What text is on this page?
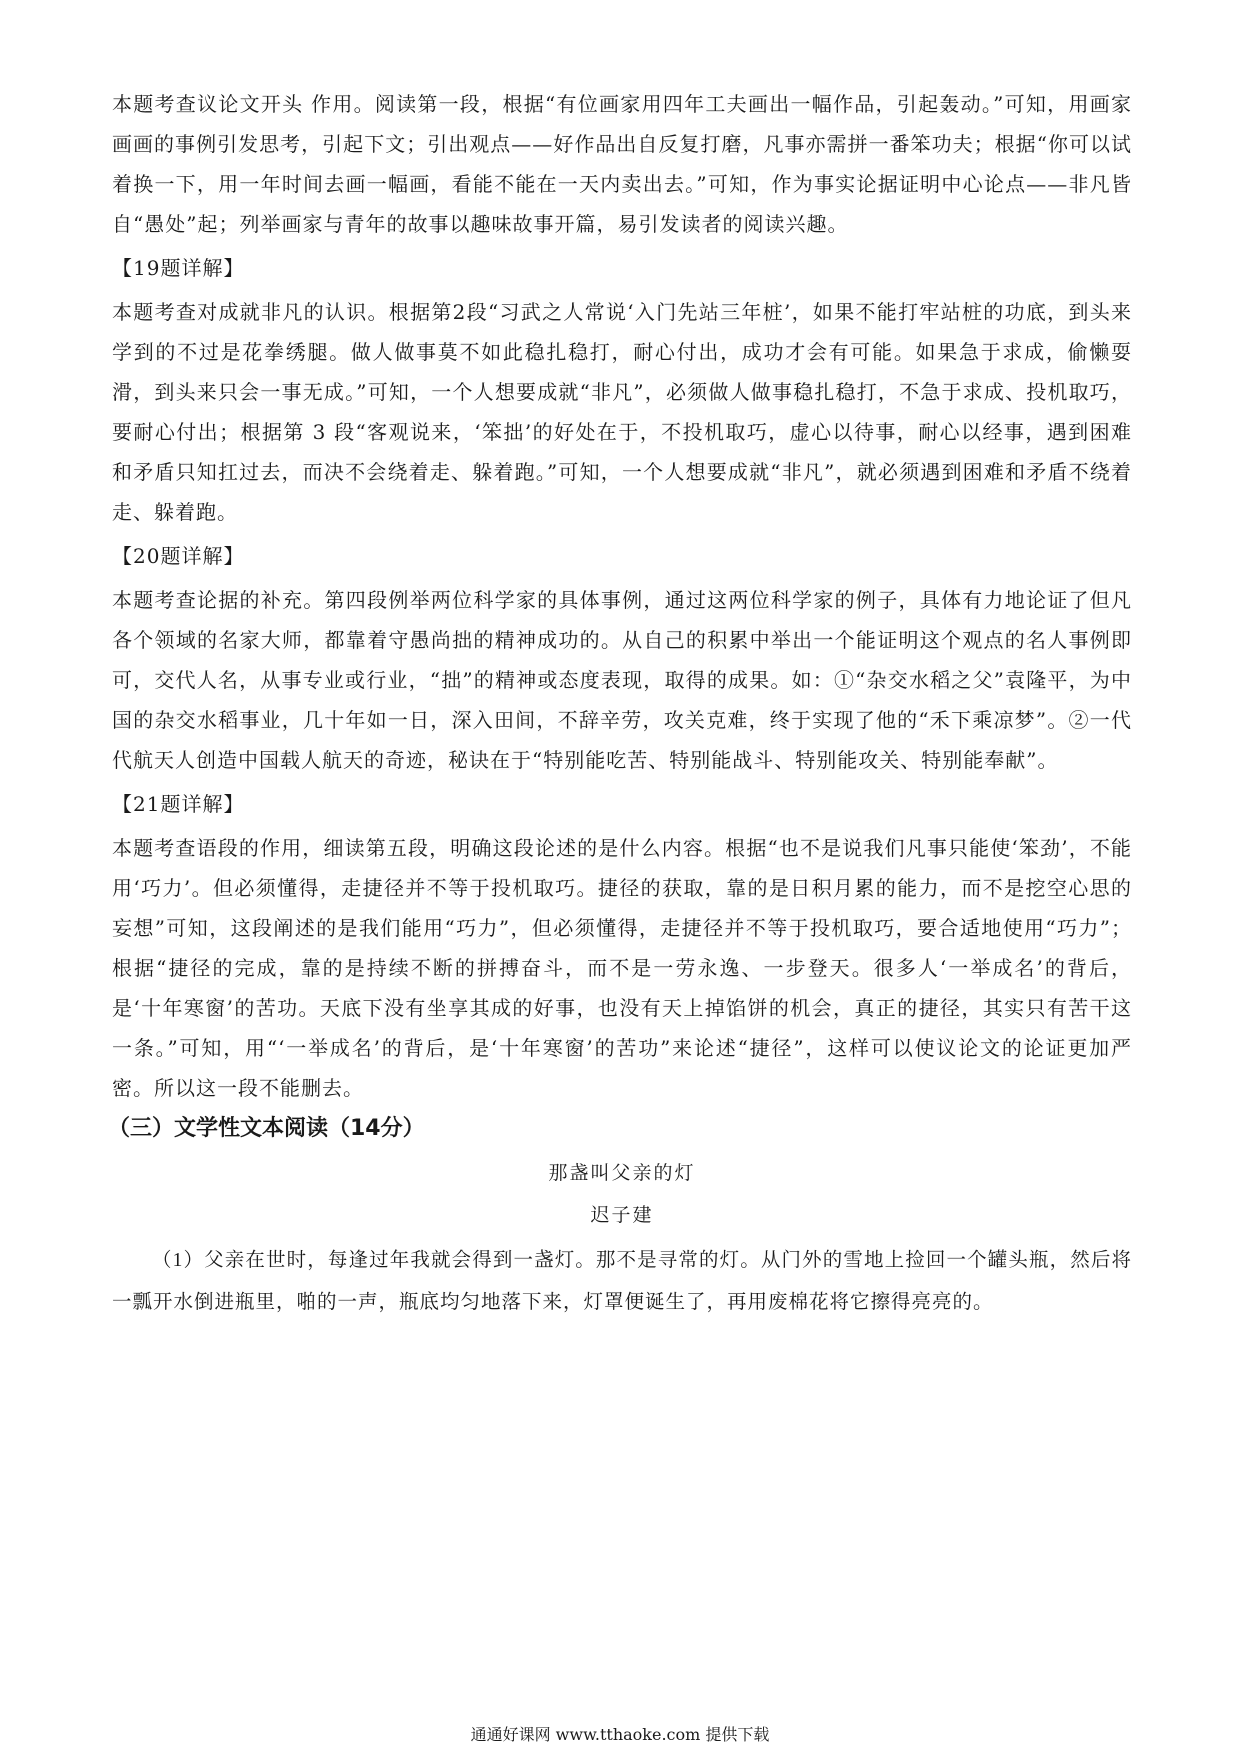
本题考查议论文开头 作用。阅读第一段，根据“有位画家用四年工夫画出一幅作品，引起轰动。”可知，用画家画画的事例引发思考，引起下文；引出观点——好作品出自反复打磨，凡事亦需拼一番笨功夫；根据“你可以试着换一下，用一年时间去画一幅画，看能不能在一天内卖出去。”可知，作为事实论据证明中心论点——非凡皆自“愚处”起；列举画家与青年的故事以趣味故事开篇，易引发读者的阅读兴趣。

【19题详解】

本题考查对成就非凡的认识。根据第2段“习武之人常说‘入门先站三年桩’，如果不能打牢站桩的功底，到头来学到的不过是花拳绣腿。做人做事莫不如此稳扎稳打，耐心付出，成功才会有可能。如果急于求成，偷懒耍滑，到头来只会一事无成。”可知，一个人想要成就“非凡”，必须做人做事稳扎稳打，不急于求成、投机取巧，要耐心付出；根据第 3 段“客观说来，‘笨拙’的好处在于，不投机取巧，虚心以待事，耐心以经事，遇到困难和矛盾只知扛过去，而决不会绕着走、躲着跑。”可知，一个人想要成就“非凡”，就必须遇到困难和矛盾不绕着走、躲着跑。

【20题详解】

本题考查论据的补充。第四段例举两位科学家的具体事例，通过这两位科学家的例子，具体有力地论证了但凡各个领域的名家大师，都靠着守愚尚拙的精神成功的。从自己的积累中举出一个能证明这个观点的名人事例即可，交代人名，从事专业或行业，“拙”的精神或态度表现，取得的成果。如：①“杂交水稻之父”袁隆平，为中国的杂交水稻事业，几十年如一日，深入田间，不辞辛劳，攻关克难，终于实现了他的“禾下乘凉梦”。②一代代航天人创造中国载人航天的奇迹，秘诀在于“特别能吃苦、特别能战斗、特别能攻关、特别能奉献”。

【21题详解】

本题考查语段的作用，细读第五段，明确这段论述的是什么内容。根据“也不是说我们凡事只能使‘笨劲’，不能用‘巧力’。但必须懂得，走捷径并不等于投机取巧。捷径的获取，靠的是日积月累的能力，而不是挖空心思的妄想”可知，这段阐述的是我们能用“巧力”，但必须懂得，走捷径并不等于投机取巧，要合适地使用“巧力”；根据“捷径的完成，靠的是持续不断的拼搏奋斗，而不是一劳永逸、一步登天。很多人‘一举成名’的背后，是‘十年寒窗’的苦功。天底下没有坐享其成的好事，也没有天上掉馅饼的机会，真正的捷径，其实只有苦干这一条。”可知，用“‘一举成名’的背后，是‘十年寒窗’的苦功”来论述“捷径”，这样可以使议论文的论证更加严密。所以这一段不能删去。

（三）文学性文本阅读（14分）

那盏叫父亲的灯

迟子建

（1）父亲在世时，每逢过年我就会得到一盏灯。那不是寻常的灯。从门外的雪地上捡回一个罐头瓶，然后将一瓢开水倒进瓶里，啪的一声，瓶底均匀地落下来，灯罩便诞生了，再用废棉花将它擦得亮亮的。

通通好课网 www.tthaoke.com 提供下载
